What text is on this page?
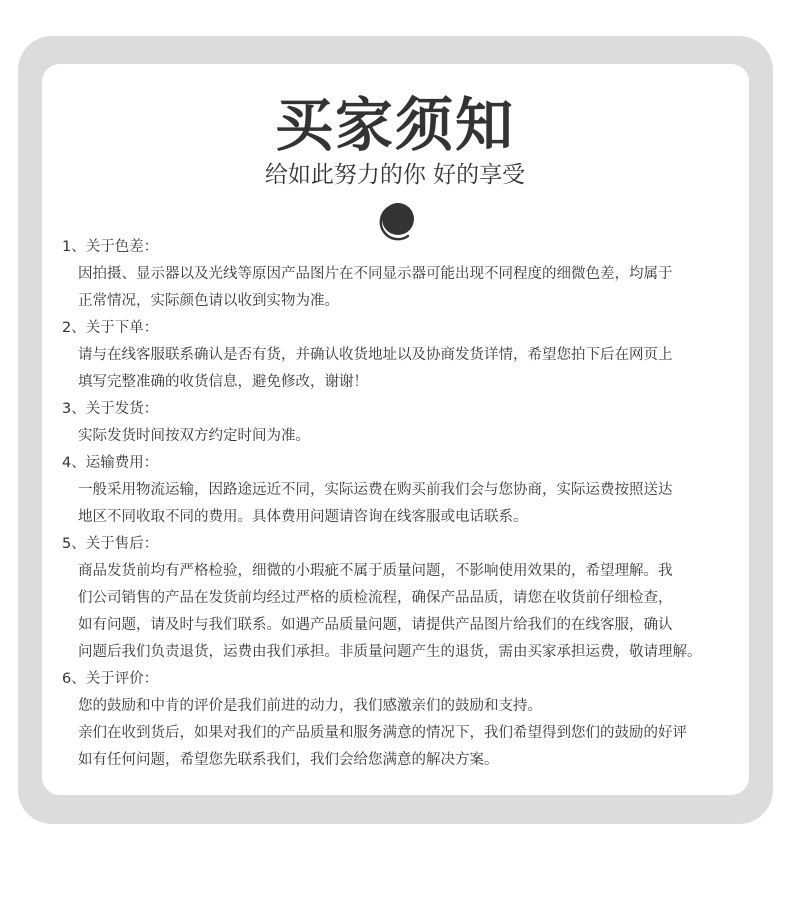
买家须知
给如此努力的你 好的享受
1、关于色差：
因拍摄、显示器以及光线等原因产品图片在不同显示器可能出现不同程度的细微色差，均属于
正常情况，实际颜色请以收到实物为准。
2、关于下单：
请与在线客服联系确认是否有货，并确认收货地址以及协商发货详情，希望您拍下后在网页上
填写完整准确的收货信息，避免修改，谢谢！
3、关于发货：
实际发货时间按双方约定时间为准。
4、运输费用：
一般采用物流运输，因路途远近不同，实际运费在购买前我们会与您协商，实际运费按照送达
地区不同收取不同的费用。具体费用问题请咨询在线客服或电话联系。
5、关于售后：
商品发货前均有严格检验，细微的小瑕疵不属于质量问题，不影响使用效果的，希望理解。我
们公司销售的产品在发货前均经过严格的质检流程，确保产品品质，请您在收货前仔细检查，
如有问题，请及时与我们联系。如遇产品质量问题，请提供产品图片给我们的在线客服，确认
问题后我们负责退货，运费由我们承担。非质量问题产生的退货，需由买家承担运费，敬请理解。
6、关于评价：
您的鼓励和中肯的评价是我们前进的动力，我们感激亲们的鼓励和支持。
亲们在收到货后，如果对我们的产品质量和服务满意的情况下，我们希望得到您们的鼓励的好评
如有任何问题，希望您先联系我们，我们会给您满意的解决方案。
